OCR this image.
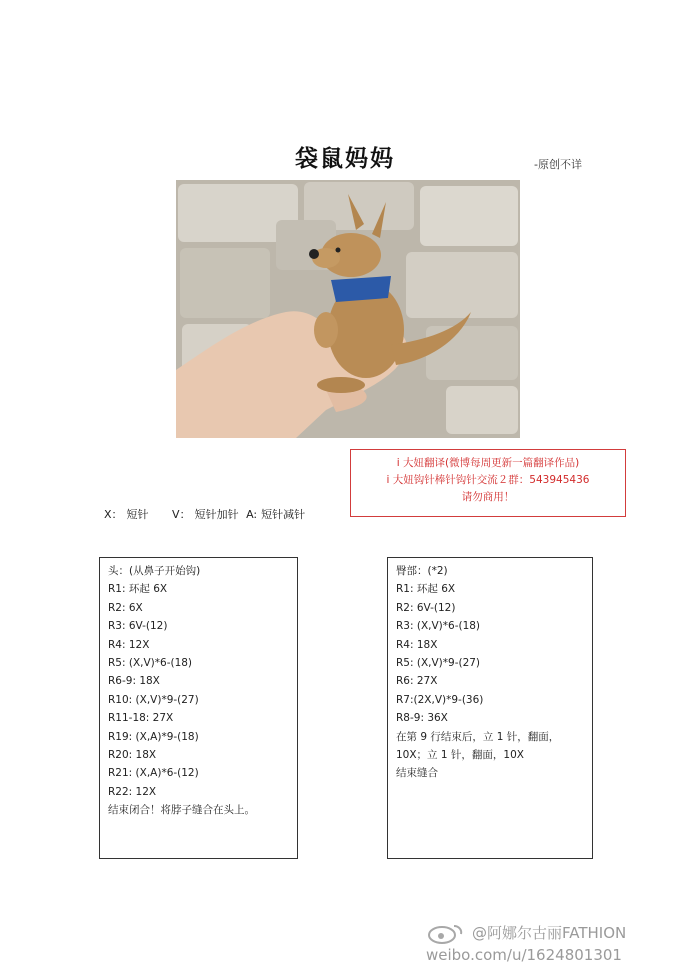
袋鼠妈妈	-原创不详
i 大妞翻译(微博每周更新一篇翻译作品)
i 大妞钩针棒针钩针交流２群：543945436
请勿商用！
X： 短针 V： 短针加针 A: 短针减针
头：(从鼻子开始钩)
R1: 环起 6X
R2: 6X
R3: 6V-(12)
R4: 12X
R5: (X,V)*6-(18)
R6-9: 18X
R10: (X,V)*9-(27)
R11-18: 27X
R19: (X,A)*9-(18)
R20: 18X
R21: (X,A)*6-(12)
R22: 12X
结束闭合！将脖子缝合在头上。
臀部：(*2)
R1: 环起 6X
R2: 6V-(12)
R3: (X,V)*6-(18)
R4: 18X
R5: (X,V)*9-(27)
R6: 27X
R7:(2X,V)*9-(36)
R8-9: 36X
在第 9 行结束后，立 1 针，翻面，
10X；立 1 针，翻面，10X
结束缝合
@阿娜尔古丽FATHION
weibo.com/u/1624801301
